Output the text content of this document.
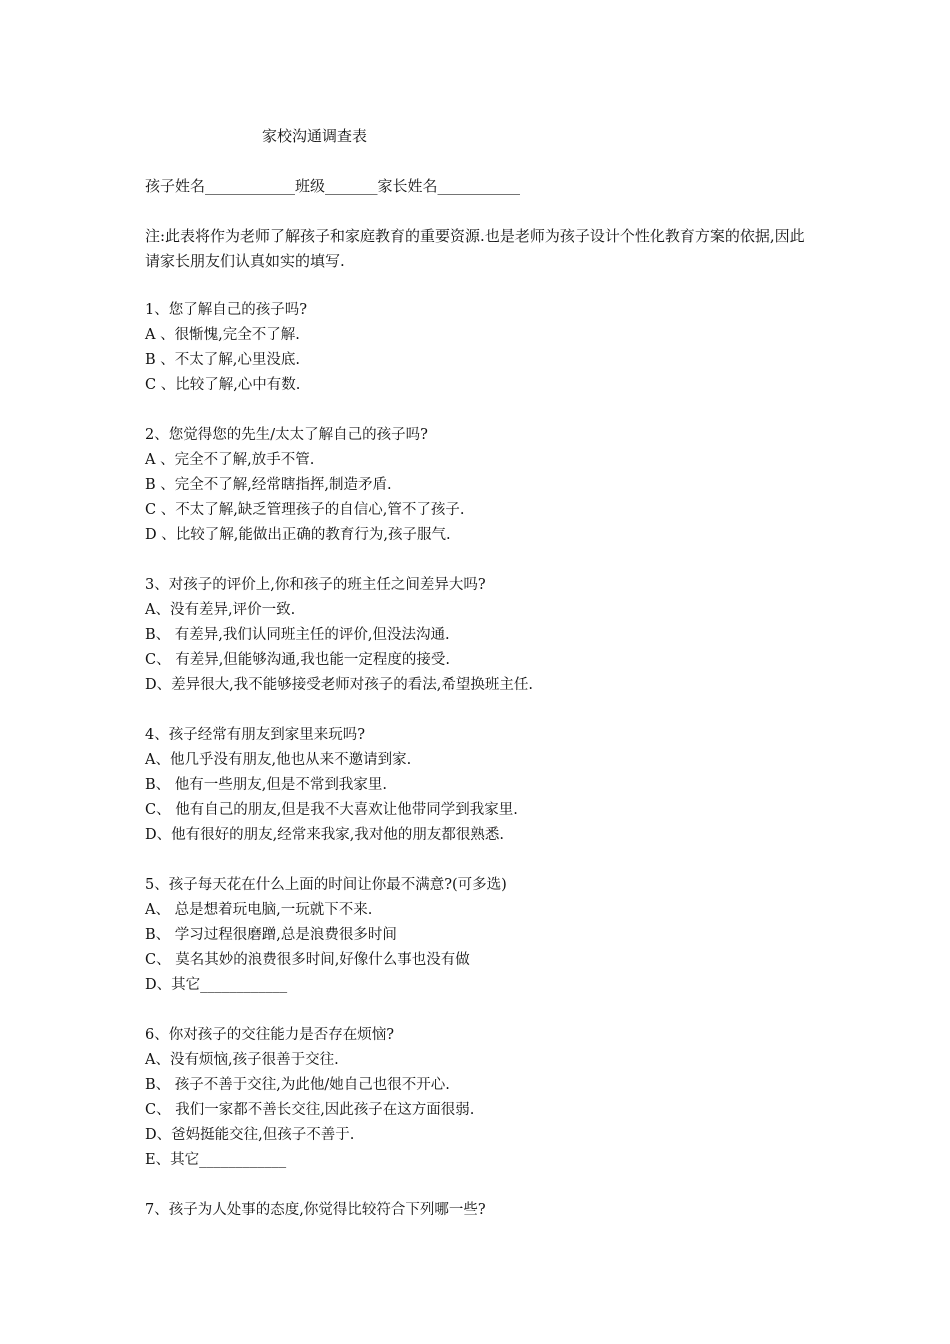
家校沟通调查表
孩子姓名____________班级_______家长姓名___________
注:此表将作为老师了解孩子和家庭教育的重要资源.也是老师为孩子设计个性化教育方案的依据,因此请家长朋友们认真如实的填写.
1、您了解自己的孩子吗?
A 、很惭愧,完全不了解.
B 、不太了解,心里没底.
C 、比较了解,心中有数.
2、您觉得您的先生/太太了解自己的孩子吗?
A 、完全不了解,放手不管.
B 、完全不了解,经常瞎指挥,制造矛盾.
C 、不太了解,缺乏管理孩子的自信心,管不了孩子.
D 、比较了解,能做出正确的教育行为,孩子服气.
3、对孩子的评价上,你和孩子的班主任之间差异大吗?
A、没有差异,评价一致.
B、 有差异,我们认同班主任的评价,但没法沟通.
C、 有差异,但能够沟通,我也能一定程度的接受.
D、差异很大,我不能够接受老师对孩子的看法,希望换班主任.
4、孩子经常有朋友到家里来玩吗?
A、他几乎没有朋友,他也从来不邀请到家.
B、 他有一些朋友,但是不常到我家里.
C、 他有自己的朋友,但是我不大喜欢让他带同学到我家里.
D、他有很好的朋友,经常来我家,我对他的朋友都很熟悉.
5、孩子每天花在什么上面的时间让你最不满意?(可多选)
A、 总是想着玩电脑,一玩就下不来.
B、 学习过程很磨蹭,总是浪费很多时间
C、 莫名其妙的浪费很多时间,好像什么事也没有做
D、其它____________
6、你对孩子的交往能力是否存在烦恼?
A、没有烦恼,孩子很善于交往.
B、 孩子不善于交往,为此他/她自己也很不开心.
C、 我们一家都不善长交往,因此孩子在这方面很弱.
D、爸妈挺能交往,但孩子不善于.
E、其它____________
7、孩子为人处事的态度,你觉得比较符合下列哪一些?
